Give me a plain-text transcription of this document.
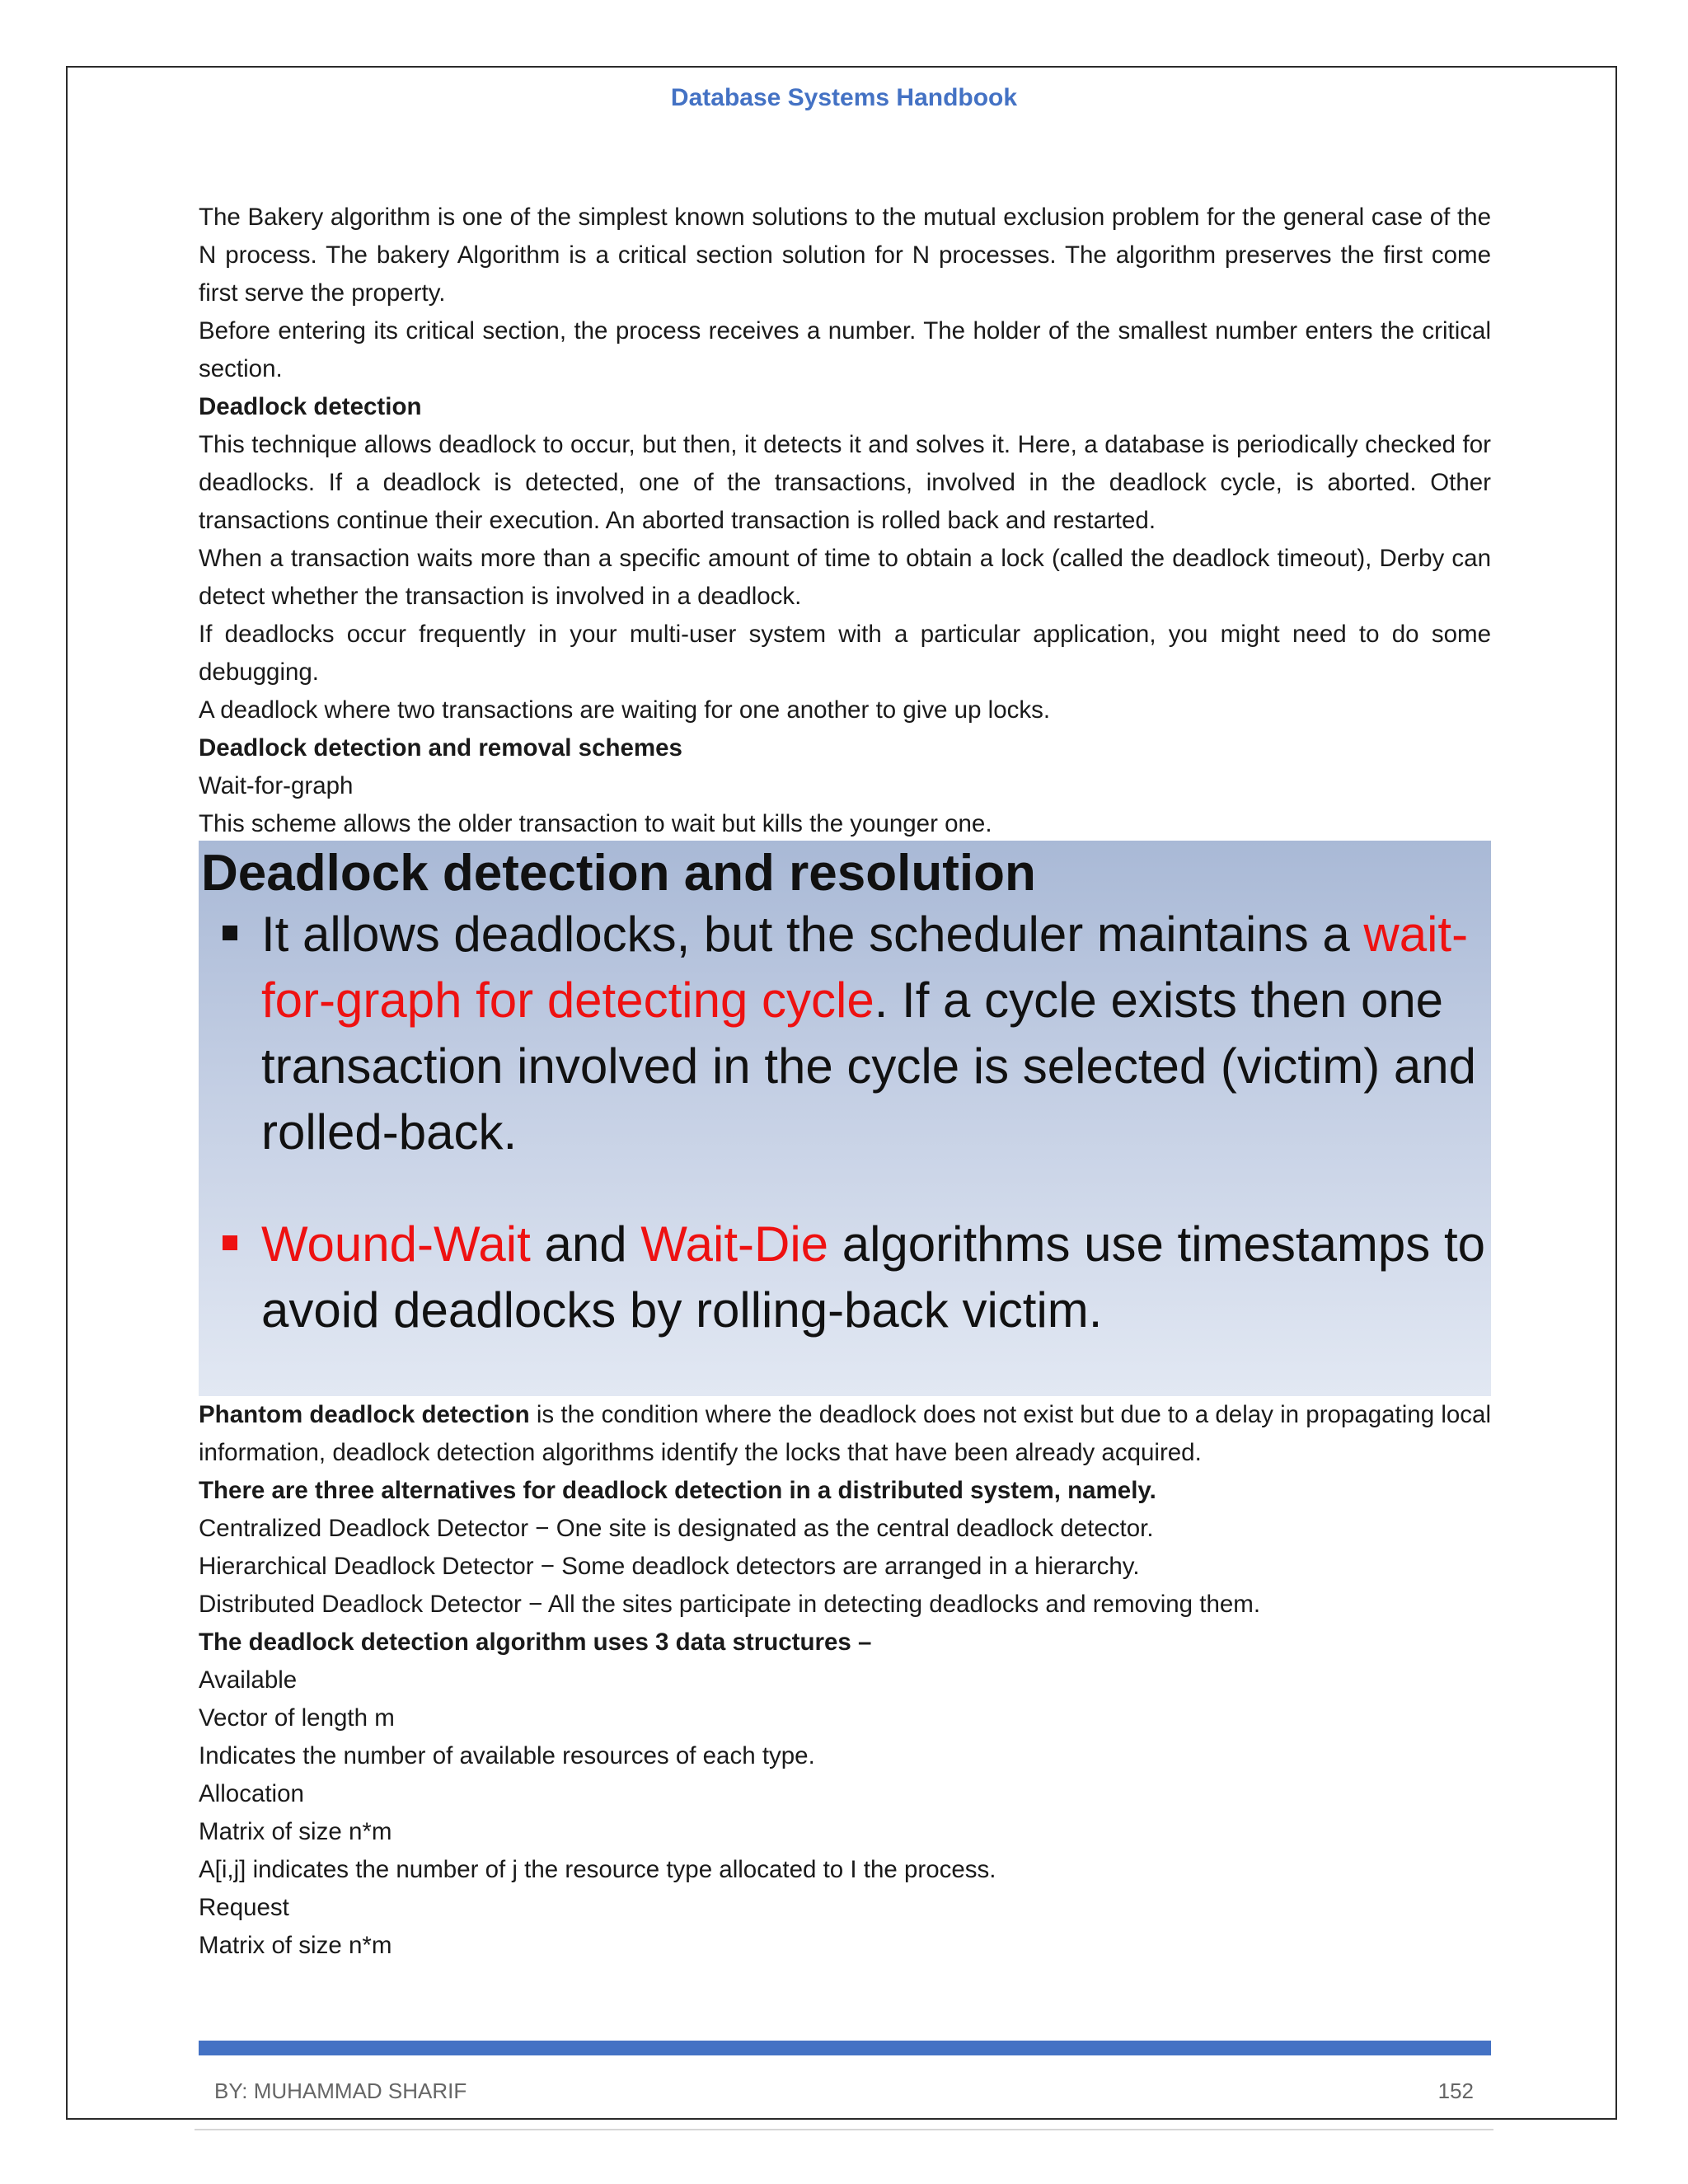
Database Systems Handbook

The Bakery algorithm is one of the simplest known solutions to the mutual exclusion problem for the general case of the N process. The bakery Algorithm is a critical section solution for N processes. The algorithm preserves the first come first serve the property.

Before entering its critical section, the process receives a number. The holder of the smallest number enters the critical section.

Deadlock detection

This technique allows deadlock to occur, but then, it detects it and solves it. Here, a database is periodically checked for deadlocks. If a deadlock is detected, one of the transactions, involved in the deadlock cycle, is aborted. Other transactions continue their execution. An aborted transaction is rolled back and restarted.

When a transaction waits more than a specific amount of time to obtain a lock (called the deadlock timeout), Derby can detect whether the transaction is involved in a deadlock.

If deadlocks occur frequently in your multi-user system with a particular application, you might need to do some debugging.

A deadlock where two transactions are waiting for one another to give up locks.

Deadlock detection and removal schemes

Wait-for-graph

This scheme allows the older transaction to wait but kills the younger one.

Deadlock detection and resolution
It allows deadlocks, but the scheduler maintains a wait-for-graph for detecting cycle. If a cycle exists then one transaction involved in the cycle is selected (victim) and rolled-back.
Wound-Wait and Wait-Die algorithms use timestamps to avoid deadlocks by rolling-back victim.

Phantom deadlock detection is the condition where the deadlock does not exist but due to a delay in propagating local information, deadlock detection algorithms identify the locks that have been already acquired.

There are three alternatives for deadlock detection in a distributed system, namely.

Centralized Deadlock Detector − One site is designated as the central deadlock detector.

Hierarchical Deadlock Detector − Some deadlock detectors are arranged in a hierarchy.

Distributed Deadlock Detector − All the sites participate in detecting deadlocks and removing them.

The deadlock detection algorithm uses 3 data structures –

Available

Vector of length m

Indicates the number of available resources of each type.

Allocation

Matrix of size n*m

A[i,j] indicates the number of j the resource type allocated to I the process.

Request

Matrix of size n*m

BY: MUHAMMAD SHARIF	152
